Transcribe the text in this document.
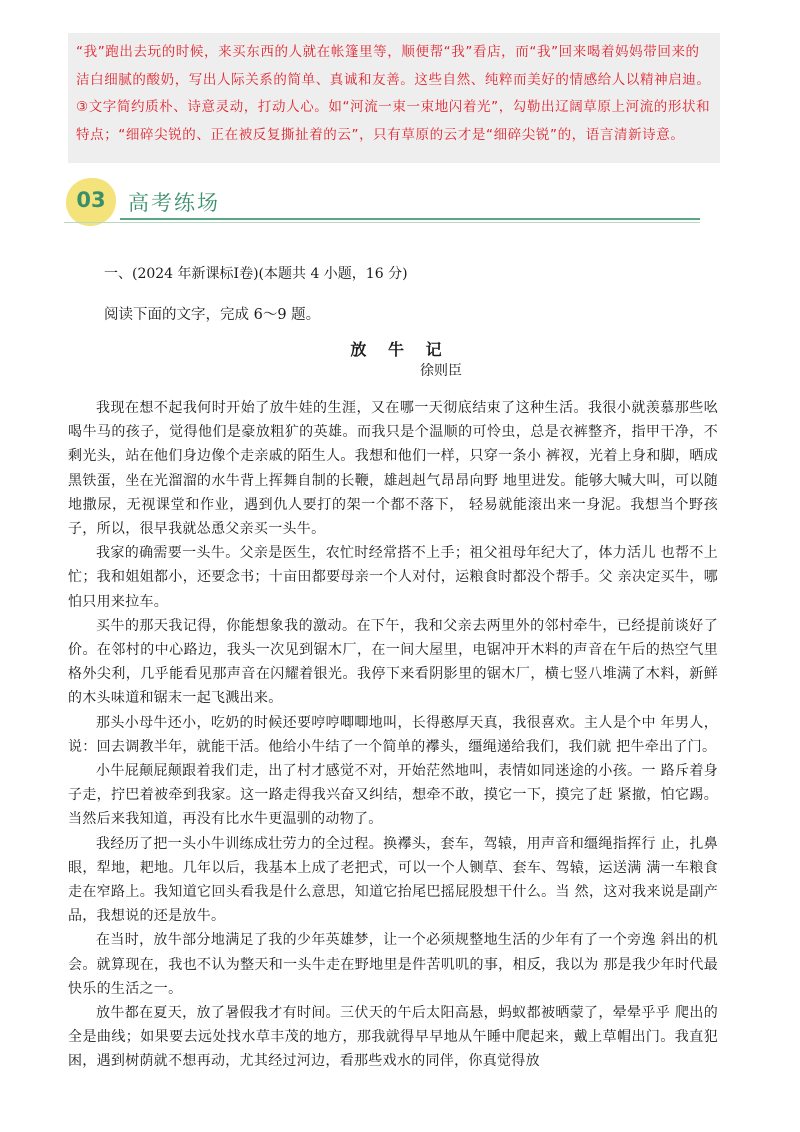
“我”跑出去玩的时候，来买东西的人就在帐篷里等，顺便帮“我”看店，而“我”回来喝着妈妈带回来的洁白细腻的酸奶，写出人际关系的简单、真诚和友善。这些自然、纯粹而美好的情感给人以精神启迪。③文字简约质朴、诗意灵动，打动人心。如“河流一束一束地闪着光”，勾勒出辽阔草原上河流的形状和特点；“细碎尖锐的、正在被反复撕扯着的云”，只有草原的云才是“细碎尖锐”的，语言清新诗意。

03	高考练场
一、(2024 年新课标Ⅰ卷)(本题共 4 小题，16 分)
阅读下面的文字，完成 6～9 题。
放 牛 记
徐则臣

我现在想不起我何时开始了放牛娃的生涯，又在哪一天彻底结束了这种生活。我很小就羡慕那些吆喝牛马的孩子，觉得他们是豪放粗犷的英雄。而我只是个温顺的可怜虫，总是衣裤整齐，指甲干净，不剩光头，站在他们身边像个走亲戚的陌生人。我想和他们一样，只穿一条小 裤衩，光着上身和脚，晒成黑铁蛋，坐在光溜溜的水牛背上挥舞自制的长鞭，雄赳赳气昂昂向野 地里进发。能够大喊大叫，可以随地撒尿，无视课堂和作业，遇到仇人要打的架一个都不落下， 轻易就能滚出来一身泥。我想当个野孩子，所以，很早我就怂恿父亲买一头牛。

我家的确需要一头牛。父亲是医生，农忙时经常搭不上手；祖父祖母年纪大了，体力活儿 也帮不上忙；我和姐姐都小，还要念书；十亩田都要母亲一个人对付，运粮食时都没个帮手。父 亲决定买牛，哪怕只用来拉车。

买牛的那天我记得，你能想象我的激动。在下午，我和父亲去两里外的邻村牵牛，已经提前谈好了价。在邻村的中心路边，我头一次见到锯木厂，在一间大屋里，电锯冲开木料的声音在午后的热空气里格外尖利，几乎能看见那声音在闪耀着银光。我停下来看阴影里的锯木厂，横七竖八堆满了木料，新鲜的木头味道和锯末一起飞溅出来。

那头小母牛还小，吃奶的时候还要哼哼唧唧地叫，长得憨厚天真，我很喜欢。主人是个中 年男人，说：回去调教半年，就能干活。他给小牛结了一个简单的襻头，缰绳递给我们，我们就 把牛牵出了门。

小牛屁颠屁颠跟着我们走，出了村才感觉不对，开始茫然地叫，表情如同迷途的小孩。一 路斥着身子走，拧巴着被牵到我家。这一路走得我兴奋又纠结，想牵不敢，摸它一下，摸完了赶 紧撤，怕它踢。当然后来我知道，再没有比水牛更温驯的动物了。

我经历了把一头小牛训练成壮劳力的全过程。换襻头，套车，驾辕，用声音和缰绳指挥行 止，扎鼻眼，犁地，耙地。几年以后，我基本上成了老把式，可以一个人铡草、套车、驾辕，运送满 满一车粮食走在窄路上。我知道它回头看我是什么意思，知道它抬尾巴摇屁股想干什么。当 然，这对我来说是副产品，我想说的还是放牛。

在当时，放牛部分地满足了我的少年英雄梦，让一个必须规整地生活的少年有了一个旁逸 斜出的机会。就算现在，我也不认为整天和一头牛走在野地里是件苦叽叽的事，相反，我以为 那是我少年时代最快乐的生活之一。

放牛都在夏天，放了暑假我才有时间。三伏天的午后太阳高悬，蚂蚁都被晒蒙了，晕晕乎乎 爬出的全是曲线；如果要去远处找水草丰茂的地方，那我就得早早地从午睡中爬起来，戴上草帽出门。我直犯困，遇到树荫就不想再动，尤其经过河边，看那些戏水的同伴，你真觉得放
